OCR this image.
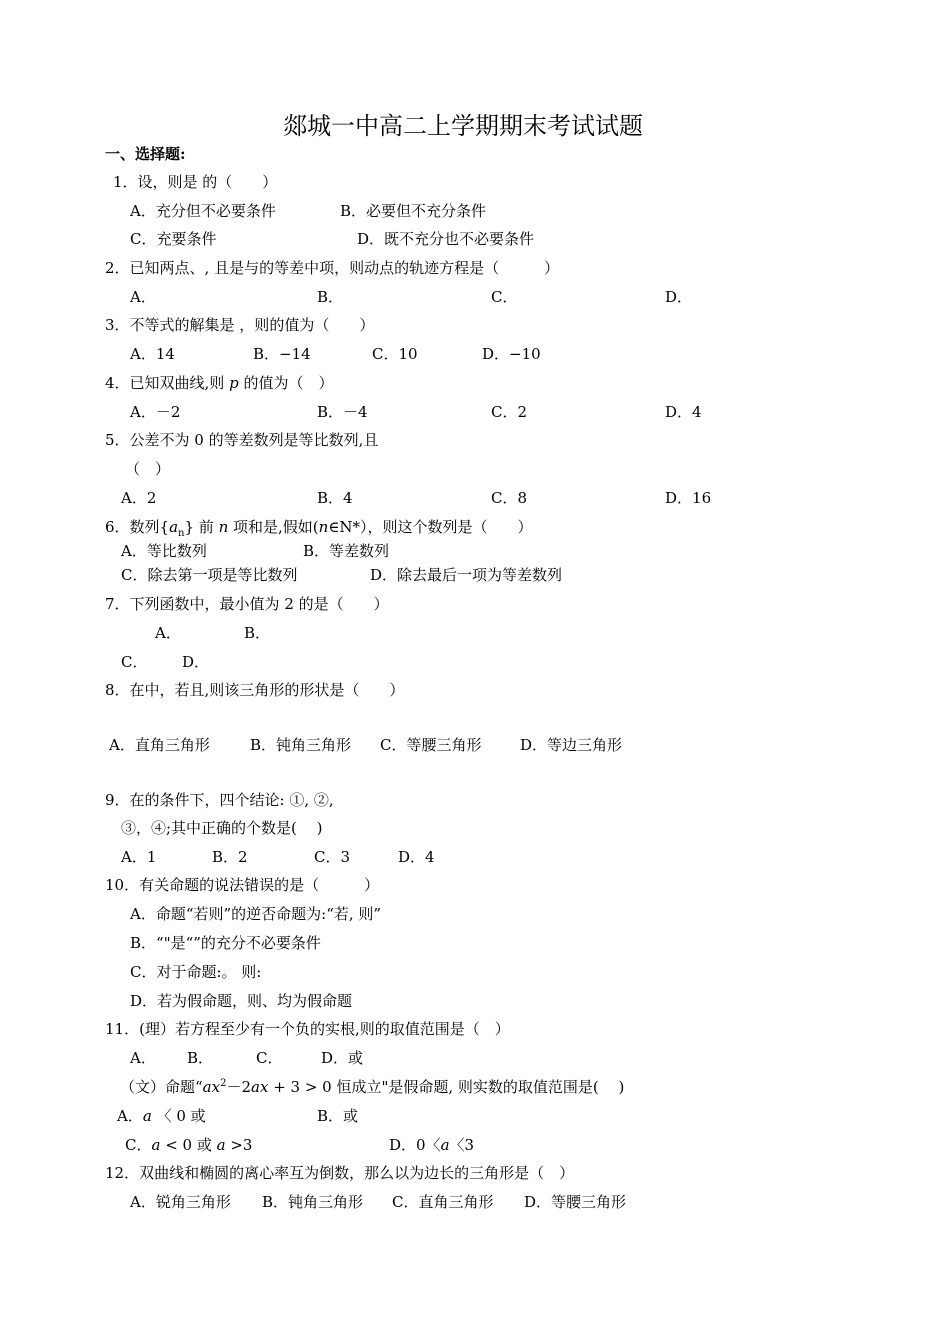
郯城一中高二上学期期末考试试题
一、选择题:
1．设，则是 的（　　）
A．充分但不必要条件	B．必要但不充分条件
C．充要条件	D．既不充分也不必要条件
2．已知两点、, 且是与的等差中项，则动点的轨迹方程是（　　　）
A．	B．	C．	D．
3．不等式的解集是 ，则的值为（　　）
A．14	B．−14	C．10	D．−10
4．已知双曲线,则 p 的值为（　）
A．－2	B．－4	C．2	D．4
5．公差不为 0 的等差数列是等比数列,且
（　）
A．2	B．4	C．8	D．16
6．数列$\{a_n\}$ 前 n 项和是,假如(n∈N*），则这个数列是（　　）
A．等比数列	B．等差数列
C．除去第一项是等比数列	D．除去最后一项为等差数列
7．下列函数中，最小值为 2 的是（　　）
A．	B．
C． D．
8．在中，若且,则该三角形的形状是（　　）
A．直角三角形	B．钝角三角形 C．等腰三角形	D．等边三角形
9．在的条件下，四个结论: ①, ②,
③，④;其中正确的个数是(　 )
A．1	B．2	C．3	D．4
10．有关命题的说法错误的是（　　　）
A．命题“若则”的逆否命题为:“若, 则”
B．“"是“”的充分不必要条件
C．对于命题:。 则:
D．若为假命题，则、均为假命题
11．(理）若方程至少有一个负的实根,则的取值范围是（　）
A． B．	C．	D．或
（文）命题“$ax^2-2ax + 3 > 0$ 恒成立"是假命题, 则实数的取值范围是(　 )
A．a 〈 0 或	B．或
C．a < 0 或 a >3	D．0〈a〈3
12．双曲线和椭圆的离心率互为倒数，那么以为边长的三角形是（　）
A．锐角三角形 B．钝角三角形 C．直角三角形 D．等腰三角形
